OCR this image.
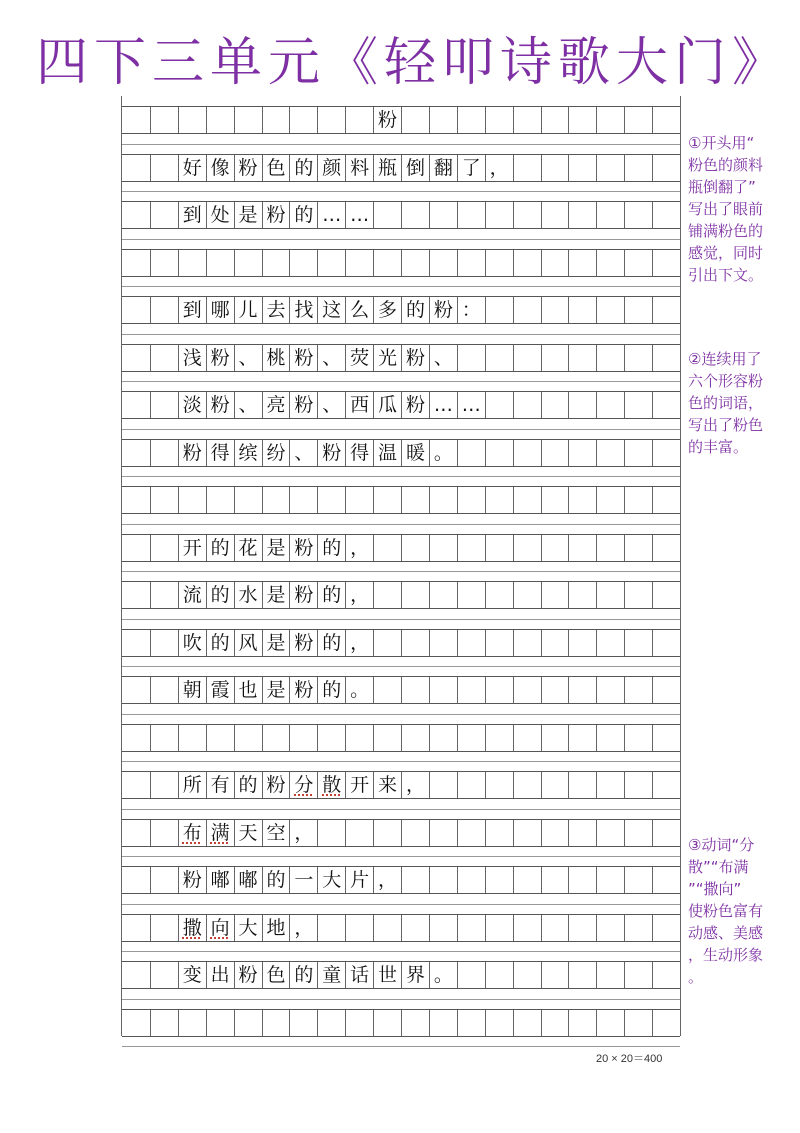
四下三单元《轻叩诗歌大门》
粉
好 像 粉 色 的 颜 料 瓶 倒 翻 了 ，
到 处 是 粉 的 … …
到 哪 儿 去 找 这 么 多 的 粉 ：
浅 粉 、 桃 粉 、 荧 光 粉 、
淡 粉 、 亮 粉 、 西 瓜 粉 … …
粉 得 缤 纷 、 粉 得 温 暖 。
开 的 花 是 粉 的 ，
流 的 水 是 粉 的 ，
吹 的 风 是 粉 的 ，
朝 霞 也 是 粉 的 。
所 有 的 粉 分 散 开 来 ，
布 满 天 空 ，
粉 嘟 嘟 的 一 大 片 ，
撒 向 大 地 ，
变 出 粉 色 的 童 话 世 界 。
①开头用“
粉色的颜料
瓶倒翻了”
写出了眼前
铺满粉色的
感觉，同时
引出下文。
②连续用了
六个形容粉
色的词语，
写出了粉色
的丰富。
③动词“分
散”“布满
”“撒向”
使粉色富有
动感、美感
，生动形象
。
20 × 20＝400
